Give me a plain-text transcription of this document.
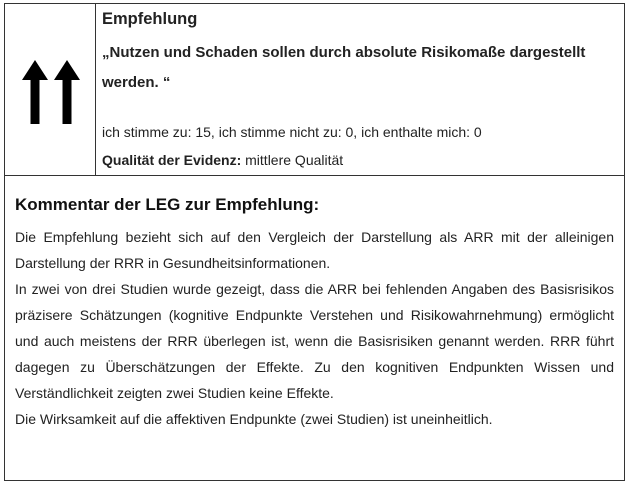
Empfehlung
„Nutzen und Schaden sollen durch absolute Risikomaße dargestellt werden. “
ich stimme zu: 15, ich stimme nicht zu: 0, ich enthalte mich: 0
Qualität der Evidenz: mittlere Qualität
Kommentar der LEG zur Empfehlung:

Die Empfehlung bezieht sich auf den Vergleich der Darstellung als ARR mit der alleinigen Darstellung der RRR in Gesundheitsinformationen.

In zwei von drei Studien wurde gezeigt, dass die ARR bei fehlenden Angaben des Basisrisikos präzisere Schätzungen (kognitive Endpunkte Verstehen und Risikowahrnehmung) ermöglicht und auch meistens der RRR überlegen ist, wenn die Basisrisiken genannt werden. RRR führt dagegen zu Überschätzungen der Effekte. Zu den kognitiven Endpunkten Wissen und Verständlichkeit zeigten zwei Studien keine Effekte.

Die Wirksamkeit auf die affektiven Endpunkte (zwei Studien) ist uneinheitlich.
